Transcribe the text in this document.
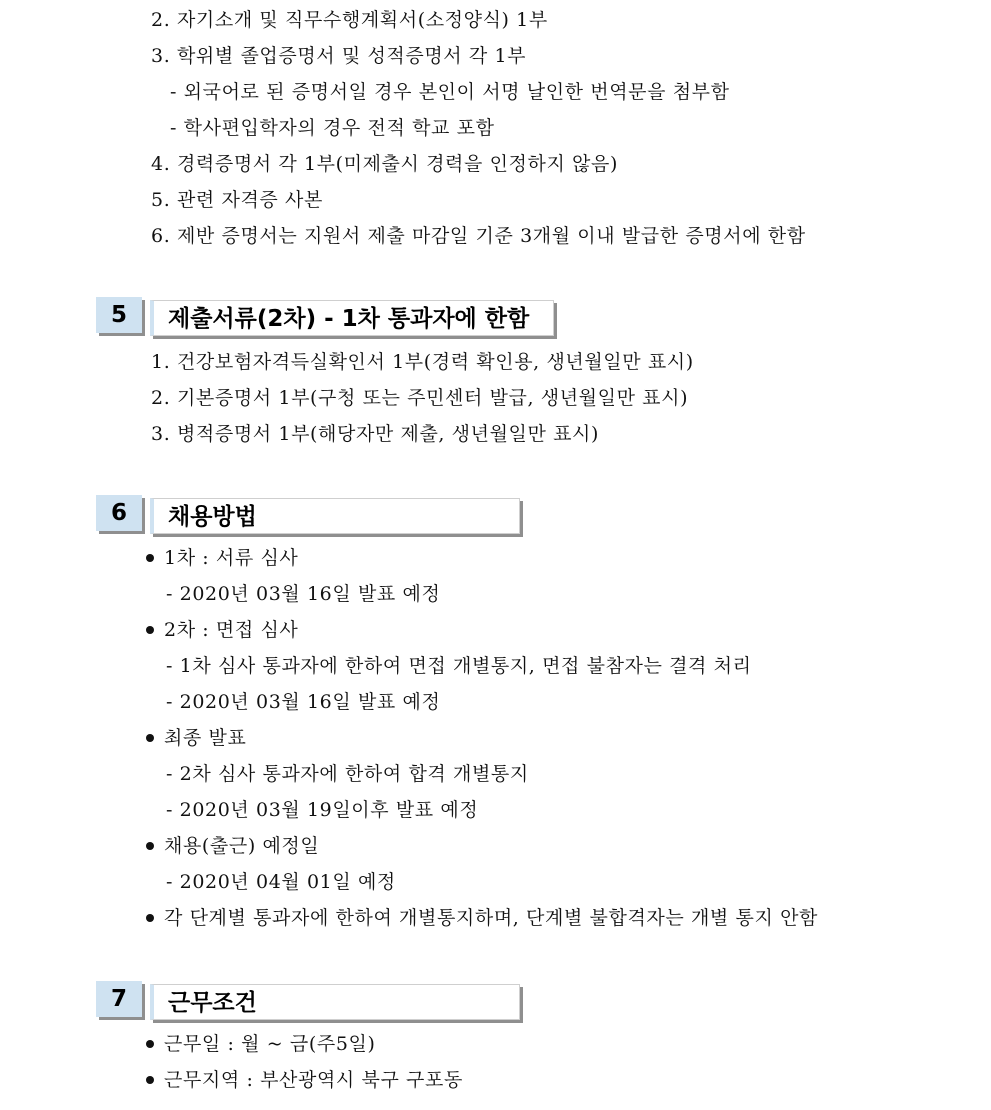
2. 자기소개 및 직무수행계획서(소정양식) 1부
3. 학위별 졸업증명서 및 성적증명서 각 1부
- 외국어로 된 증명서일 경우 본인이 서명 날인한 번역문을 첨부함
- 학사편입학자의 경우 전적 학교 포함
4. 경력증명서 각 1부(미제출시 경력을 인정하지 않음)
5. 관련 자격증 사본
6. 제반 증명서는 지원서 제출 마감일 기준 3개월 이내 발급한 증명서에 한함
5	제출서류(2차) - 1차 통과자에 한함
1. 건강보험자격득실확인서 1부(경력 확인용, 생년월일만 표시)
2. 기본증명서 1부(구청 또는 주민센터 발급, 생년월일만 표시)
3. 병적증명서 1부(해당자만 제출, 생년월일만 표시)
6	채용방법
1차 : 서류 심사
- 2020년 03월 16일 발표 예정
2차 : 면접 심사
- 1차 심사 통과자에 한하여 면접 개별통지, 면접 불참자는 결격 처리
- 2020년 03월 16일 발표 예정
최종 발표
- 2차 심사 통과자에 한하여 합격 개별통지
- 2020년 03월 19일이후 발표 예정
채용(출근) 예정일
- 2020년 04월 01일 예정
각 단계별 통과자에 한하여 개별통지하며, 단계별 불합격자는 개별 통지 안함
7	근무조건
근무일 : 월 ~ 금(주5일)
근무지역 : 부산광역시 북구 구포동
